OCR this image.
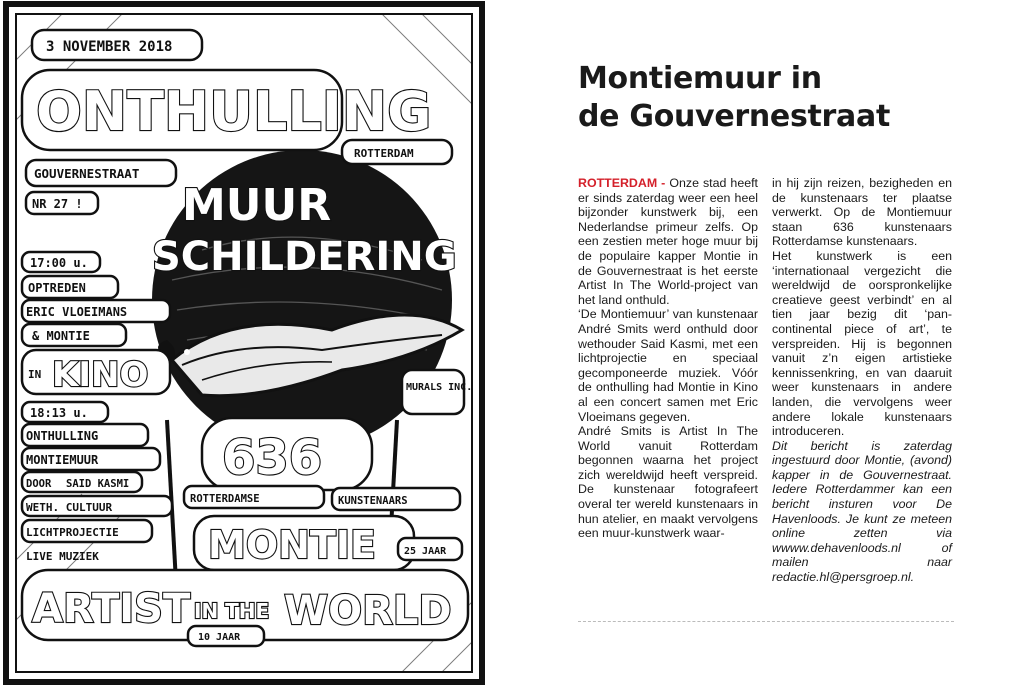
3 NOVEMBER 2018
ONTHULLING
GOUVERNESTRAAT
ROTTERDAM
NR 27 ! MUUR
SCHILDERING
17:00 u.
OPTREDEN
ERIC VLOEIMANS
& MONTIE
IN KINO
18:13 u.
ONTHULLING
MONTIEMUUR
DOOR SAID KASMI
WETH. CULTUUR
LICHTPROJECTIE
LIVE MUZIEK
636
MURALS INC.
ROTTERDAMSE	KUNSTENAARS
MONTIE	25 JAAR
ARTIST IN THE WORLD
10 JAAR
Montiemuur in
de Gouvernestraat

ROTTERDAM - Onze stad heeft er sinds zaterdag weer een heel bijzonder kunstwerk bij, een Nederlandse primeur zelfs. Op een zestien meter hoge muur bij de populaire kapper Montie in de Gouvernestraat is het eerste Artist In The World-project van het land onthuld.

‘De Montiemuur’ van kunstenaar André Smits werd onthuld door wethouder Said Kasmi, met een lichtprojectie en speciaal gecomponeerde muziek. Vóór de onthulling had Montie in Kino al een concert samen met Eric Vloeimans gegeven.

André Smits is Artist In The World vanuit Rotterdam begonnen waarna het project zich wereldwijd heeft verspreid. De kunstenaar fotografeert overal ter wereld kunstenaars in hun atelier, en maakt vervolgens een muur-kunstwerk waar-

in hij zijn reizen, bezigheden en de kunstenaars ter plaatse verwerkt. Op de Montiemuur staan 636 kunstenaars Rotterdamse kunstenaars.

Het kunstwerk is een ‘internationaal vergezicht die wereldwijd de oorspronkelijke creatieve geest verbindt’ en al tien jaar bezig dit ‘pan-continental piece of art’, te verspreiden. Hij is begonnen vanuit z’n eigen artistieke kennissenkring, en van daaruit weer kunstenaars in andere landen, die vervolgens weer andere lokale kunstenaars introduceren.

Dit bericht is zaterdag ingestuurd door Montie, (avond) kapper in de Gouvernestraat. Iedere Rotterdammer kan een bericht insturen voor De Havenloods. Je kunt ze meteen online zetten via wwww.dehavenloods.nl of mailen naar redactie.hl@persgroep.nl.
